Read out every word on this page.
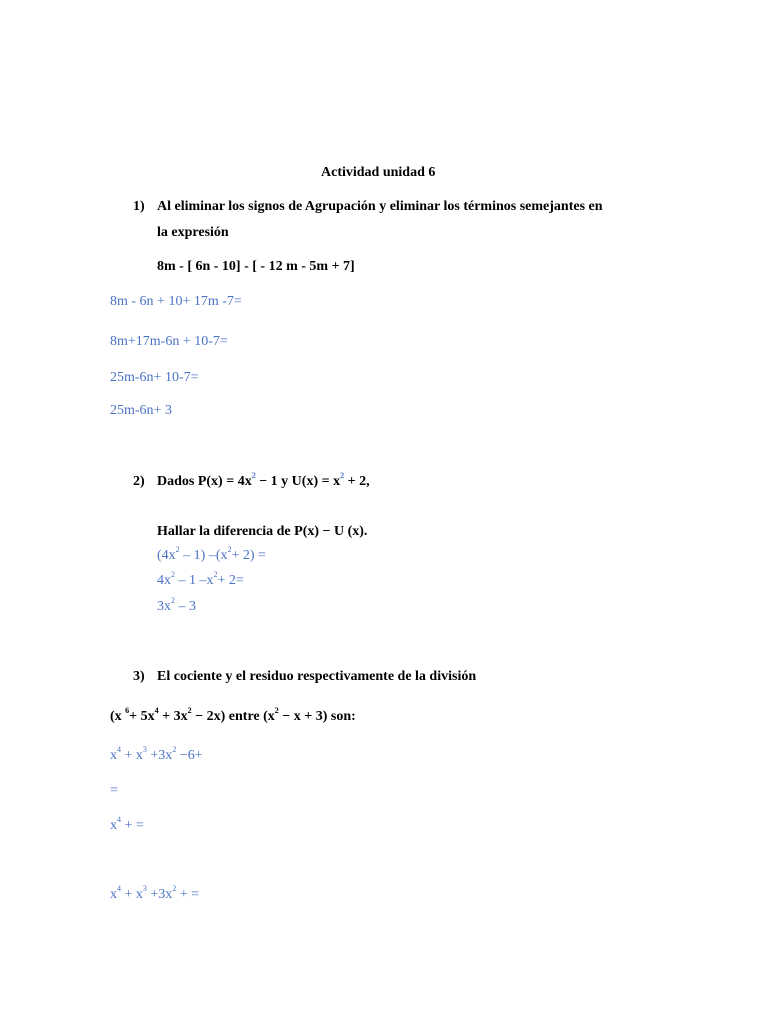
Actividad unidad 6
1) Al eliminar los signos de Agrupación y eliminar los términos semejantes en
la expresión
8m - [ 6n - 10] - [ - 12 m - 5m + 7]
8m - 6n + 10+ 17m -7=
8m+17m-6n + 10-7=
25m-6n+ 10-7=
25m-6n+ 3
2) Dados $P(x) = 4x^2 - 1$ y $U(x) = x^2 + 2$,
Hallar la diferencia de P(x) − U (x).
$(4x^2 - 1)$ $-(x^2+ 2)$ =
$4x^2 - 1$ $-x^2+ 2=$
$3x^2 - 3$
3) El cociente y el residuo respectivamente de la división
(x $^6+ 5x^4 + 3x^2 - 2x$) entre $(x^2 - x + 3)$ son:
$x^4 + x^3 +3x^2 -6+$
=
$x^4$ + =
$x^4 + x^3 +3x^2$ + =
